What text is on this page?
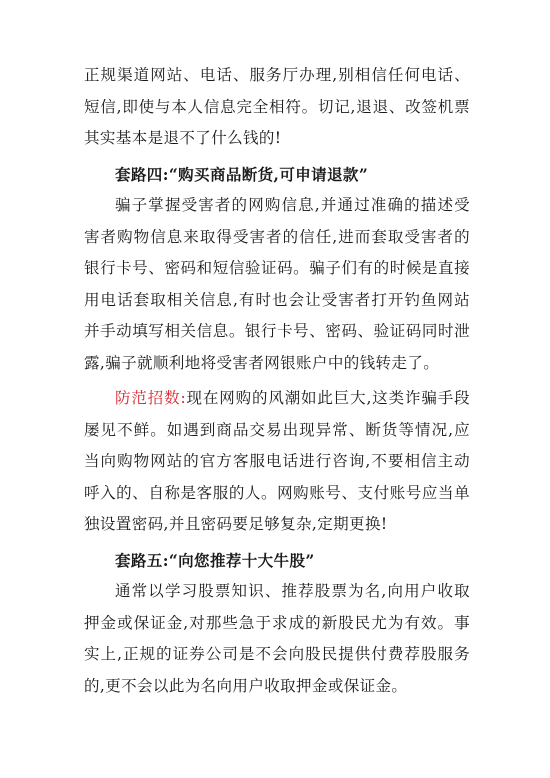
正规渠道网站、电话、服务厅办理,别相信任何电话、短信,即使与本人信息完全相符。切记,退退、改签机票其实基本是退不了什么钱的!

套路四:“购买商品断货,可申请退款”

骗子掌握受害者的网购信息,并通过准确的描述受害者购物信息来取得受害者的信任,进而套取受害者的银行卡号、密码和短信验证码。骗子们有的时候是直接用电话套取相关信息,有时也会让受害者打开钓鱼网站并手动填写相关信息。银行卡号、密码、验证码同时泄露,骗子就顺利地将受害者网银账户中的钱转走了。

防范招数:现在网购的风潮如此巨大,这类诈骗手段屡见不鲜。如遇到商品交易出现异常、断货等情况,应当向购物网站的官方客服电话进行咨询,不要相信主动呼入的、自称是客服的人。网购账号、支付账号应当单独设置密码,并且密码要足够复杂,定期更换!

套路五:“向您推荐十大牛股”

通常以学习股票知识、推荐股票为名,向用户收取押金或保证金,对那些急于求成的新股民尤为有效。事实上,正规的证券公司是不会向股民提供付费荐股服务的,更不会以此为名向用户收取押金或保证金。
